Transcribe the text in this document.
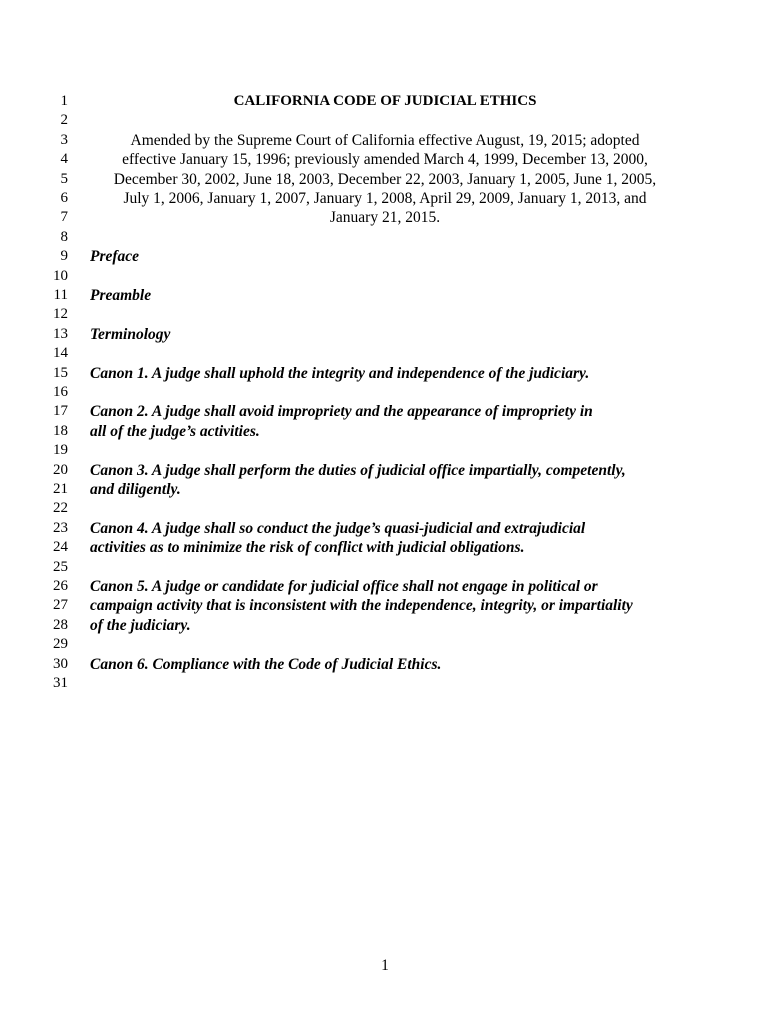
1
2
3
4
5
6
7
8
9
10
11
12
13
14
15
16
17
18
19
20
21
22
23
24
25
26
27
28
29
30
31
CALIFORNIA CODE OF JUDICIAL ETHICS
Amended by the Supreme Court of California effective August, 19, 2015; adopted
effective January 15, 1996; previously amended March 4, 1999, December 13, 2000,
December 30, 2002, June 18, 2003, December 22, 2003, January 1, 2005, June 1, 2005,
July 1, 2006, January 1, 2007, January 1, 2008, April 29, 2009, January 1, 2013, and
January 21, 2015.
Preface
Preamble
Terminology
Canon 1. A judge shall uphold the integrity and independence of the judiciary.
Canon 2. A judge shall avoid impropriety and the appearance of impropriety in
all of the judge’s activities.
Canon 3. A judge shall perform the duties of judicial office impartially, competently,
and diligently.
Canon 4. A judge shall so conduct the judge’s quasi-judicial and extrajudicial
activities as to minimize the risk of conflict with judicial obligations.
Canon 5. A judge or candidate for judicial office shall not engage in political or
campaign activity that is inconsistent with the independence, integrity, or impartiality
of the judiciary.
Canon 6. Compliance with the Code of Judicial Ethics.
1
